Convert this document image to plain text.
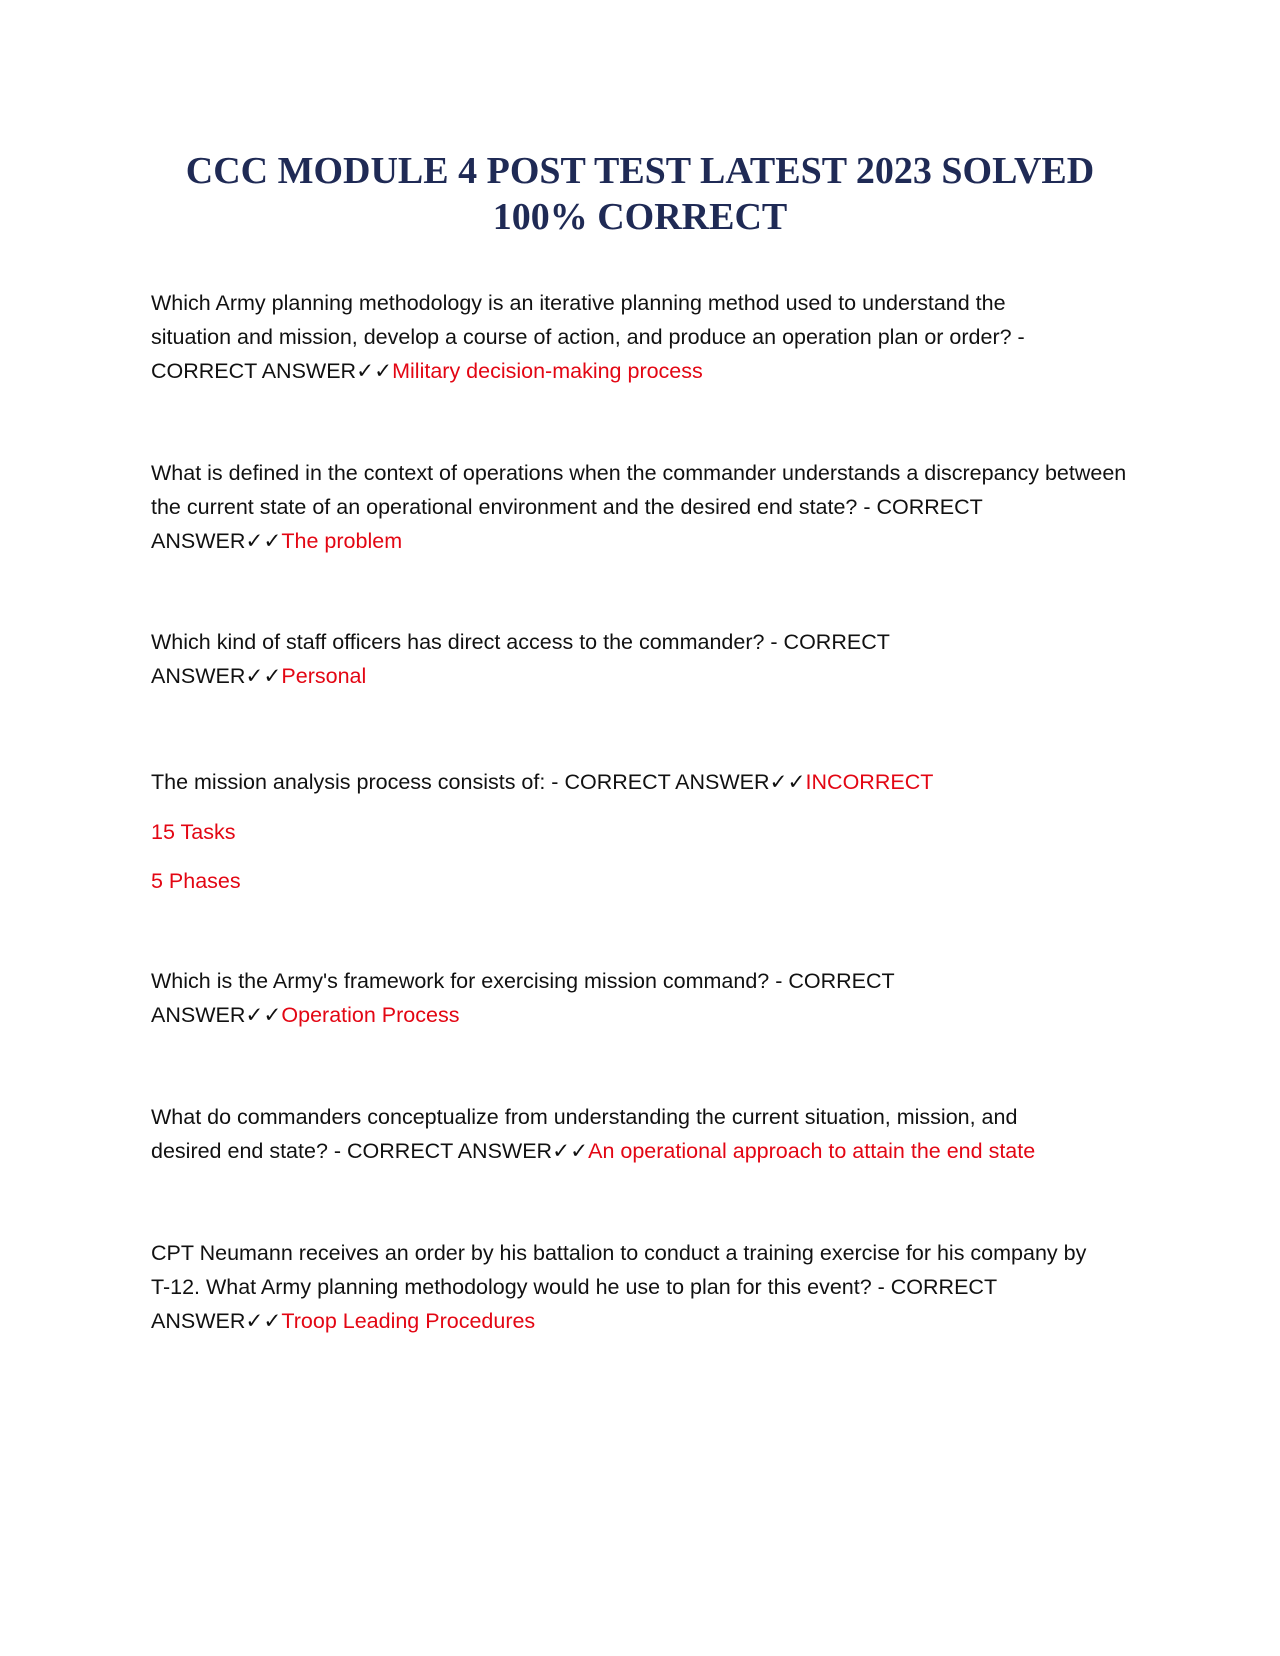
CCC MODULE 4 POST TEST LATEST 2023 SOLVED
100% CORRECT

Which Army planning methodology is an iterative planning method used to understand the situation and mission, develop a course of action, and produce an operation plan or order? - CORRECT ANSWER✓✓Military decision-making process

What is defined in the context of operations when the commander understands a discrepancy between the current state of an operational environment and the desired end state? - CORRECT ANSWER✓✓The problem

Which kind of staff officers has direct access to the commander? - CORRECT ANSWER✓✓Personal

The mission analysis process consists of: - CORRECT ANSWER✓✓INCORRECT

15 Tasks

5 Phases

Which is the Army's framework for exercising mission command? - CORRECT ANSWER✓✓Operation Process

What do commanders conceptualize from understanding the current situation, mission, and desired end state? - CORRECT ANSWER✓✓An operational approach to attain the end state

CPT Neumann receives an order by his battalion to conduct a training exercise for his company by T-12. What Army planning methodology would he use to plan for this event? - CORRECT ANSWER✓✓Troop Leading Procedures
